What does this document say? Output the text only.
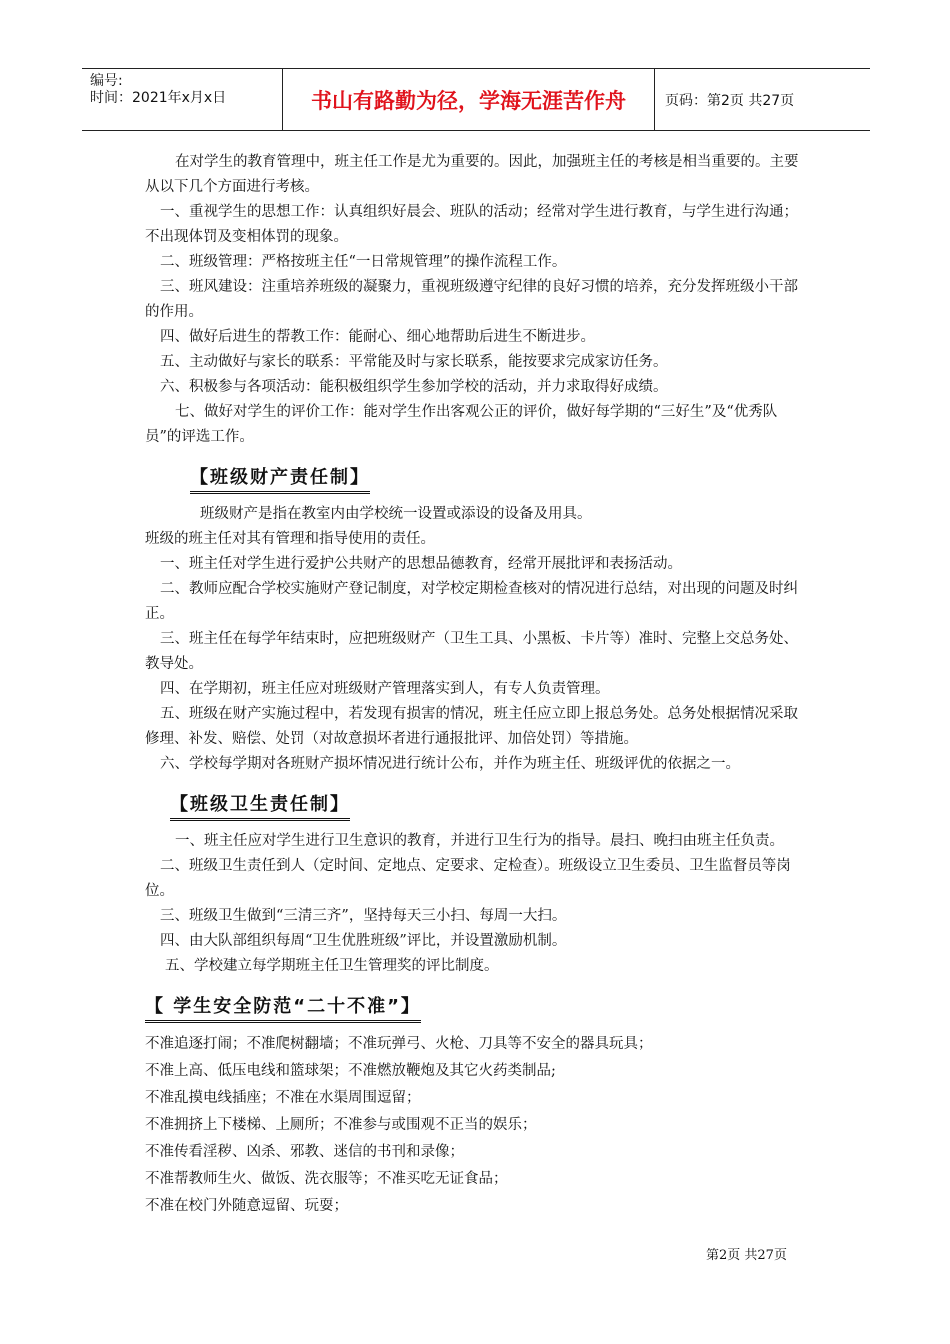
编号:
时间：2021年x月x日	书山有路勤为径，学海无涯苦作舟	页码：第2页 共27页

在对学生的教育管理中，班主任工作是尤为重要的。因此，加强班主任的考核是相当重要的。主要从以下几个方面进行考核。

一、重视学生的思想工作：认真组织好晨会、班队的活动；经常对学生进行教育，与学生进行沟通；不出现体罚及变相体罚的现象。

二、班级管理：严格按班主任“一日常规管理”的操作流程工作。

三、班风建设：注重培养班级的凝聚力，重视班级遵守纪律的良好习惯的培养，充分发挥班级小干部的作用。

四、做好后进生的帮教工作：能耐心、细心地帮助后进生不断进步。

五、主动做好与家长的联系：平常能及时与家长联系，能按要求完成家访任务。

六、积极参与各项活动：能积极组织学生参加学校的活动，并力求取得好成绩。

七、做好对学生的评价工作：能对学生作出客观公正的评价，做好每学期的“三好生”及“优秀队员”的评选工作。

【班级财产责任制】

班级财产是指在教室内由学校统一设置或添设的设备及用具。

班级的班主任对其有管理和指导使用的责任。

一、班主任对学生进行爱护公共财产的思想品德教育，经常开展批评和表扬活动。

二、教师应配合学校实施财产登记制度，对学校定期检查核对的情况进行总结，对出现的问题及时纠正。

三、班主任在每学年结束时，应把班级财产（卫生工具、小黑板、卡片等）准时、完整上交总务处、教导处。

四、在学期初，班主任应对班级财产管理落实到人，有专人负责管理。

五、班级在财产实施过程中，若发现有损害的情况，班主任应立即上报总务处。总务处根据情况采取修理、补发、赔偿、处罚（对故意损坏者进行通报批评、加倍处罚）等措施。

六、学校每学期对各班财产损坏情况进行统计公布，并作为班主任、班级评优的依据之一。

【班级卫生责任制】

一、班主任应对学生进行卫生意识的教育，并进行卫生行为的指导。晨扫、晚扫由班主任负责。

二、班级卫生责任到人（定时间、定地点、定要求、定检查）。班级设立卫生委员、卫生监督员等岗位。

三、班级卫生做到“三清三齐”，坚持每天三小扫、每周一大扫。

四、由大队部组织每周“卫生优胜班级”评比，并设置激励机制。

五、学校建立每学期班主任卫生管理奖的评比制度。

【 学生安全防范“二十不准”】

不准追逐打闹；不准爬树翻墙；不准玩弹弓、火枪、刀具等不安全的器具玩具；

不准上高、低压电线和篮球架；不准燃放鞭炮及其它火药类制品;

不准乱摸电线插座；不准在水渠周围逗留；

不准拥挤上下楼梯、上厕所；不准参与或围观不正当的娱乐；

不准传看淫秽、凶杀、邪教、迷信的书刊和录像；

不准帮教师生火、做饭、洗衣服等；不准买吃无证食品；

不准在校门外随意逗留、玩耍；

第2页 共27页
